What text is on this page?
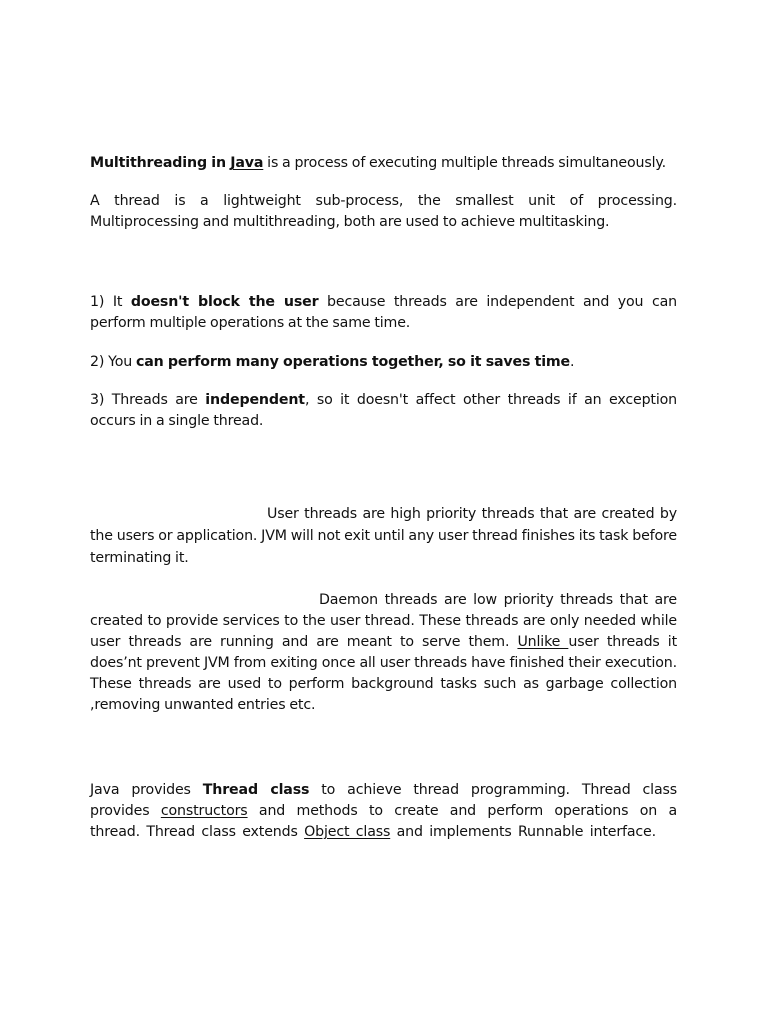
Multithreading in Java is a process of executing multiple threads simultaneously.

A thread is a lightweight sub-process, the smallest unit of processing. Multiprocessing and multithreading, both are used to achieve multitasking.

1) It doesn't block the user because threads are independent and you can perform multiple operations at the same time.

2) You can perform many operations together, so it saves time.

3) Threads are independent, so it doesn't affect other threads if an exception occurs in a single thread.

User threads are high priority threads that are created by the users or application. JVM will not exit until any user thread finishes its task before terminating it.

Daemon threads are low priority threads that are created to provide services to the user thread. These threads are only needed while user threads are running and are meant to serve them. Unlike user threads it does’nt prevent JVM from exiting once all user threads have finished their execution. These threads are used to perform background tasks such as garbage collection ,removing unwanted entries etc.

Java provides Thread class to achieve thread programming. Thread class provides constructors and methods to create and perform operations on a thread. Thread class extends Object class and implements Runnable interface.
